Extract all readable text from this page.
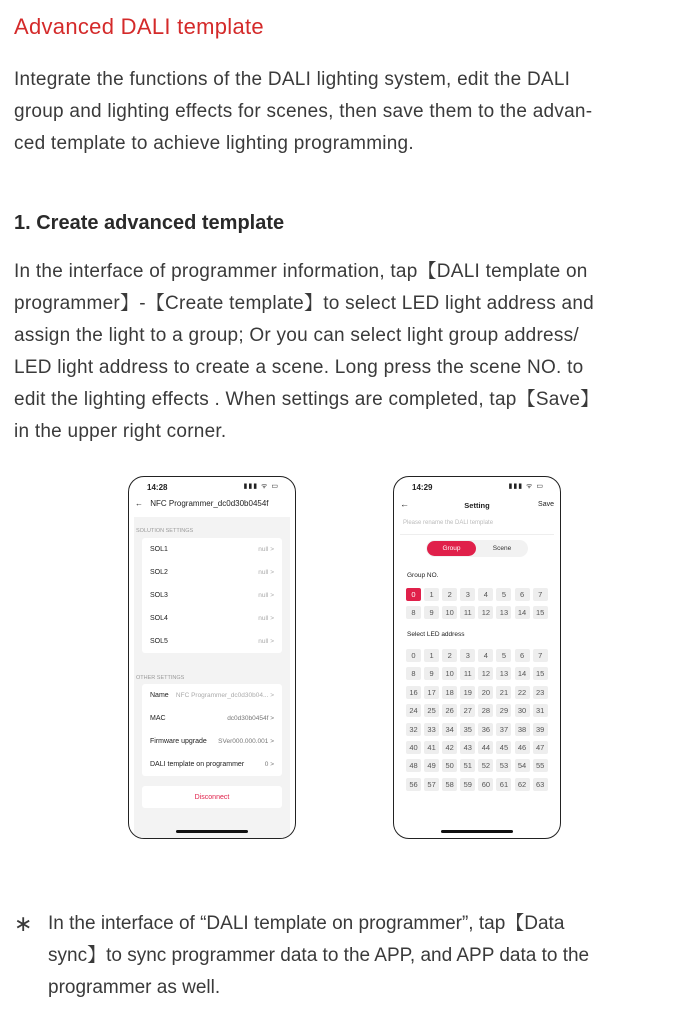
Advanced DALI template
Integrate the functions of the DALI lighting system, edit the DALI
group and lighting effects for scenes, then save them to the advan-
ced template to achieve lighting programming.
1. Create advanced template
In the interface of programmer information, tap【DALI template on
programmer】-【Create template】to select LED light address and
assign the light to a group; Or you can select light group address/
LED light address to create a scene. Long press the scene NO. to
edit the lighting effects . When settings are completed, tap【Save】
in the upper right corner.
14:28	▮▮▮ ᯤ ▭
← NFC Programmer_dc0d30b0454f
SOLUTION SETTINGS
SOL1	null >
SOL2	null >
SOL3	null >
SOL4	null >
SOL5	null >
OTHER SETTINGS
Name NFC Programmer_dc0d30b04... >
MAC	dc0d30b0454f >
Firmware upgrade SVer000.000.001 >
DALI template on programmer	0 >
Disconnect
14:29	▮▮▮ ᯤ ▭
←	Setting	Save
Please rename the DALI template
Group	Scene
Group NO.
0	1	2	3	4	5	6	7
8	9	10	11	12	13	14	15
Select LED address
0	1	2	3	4	5	6	7
8	9	10	11	12	13	14	15
16	17	18	19	20	21	22	23
24	25	26	27	28	29	30	31
32	33	34	35	36	37	38	39
40	41	42	43	44	45	46	47
48	49	50	51	52	53	54	55
56	57	58	59	60	61	62	63
∗ In the interface of “DALI template on programmer”, tap【Data
sync】to sync programmer data to the APP, and APP data to the
programmer as well.
